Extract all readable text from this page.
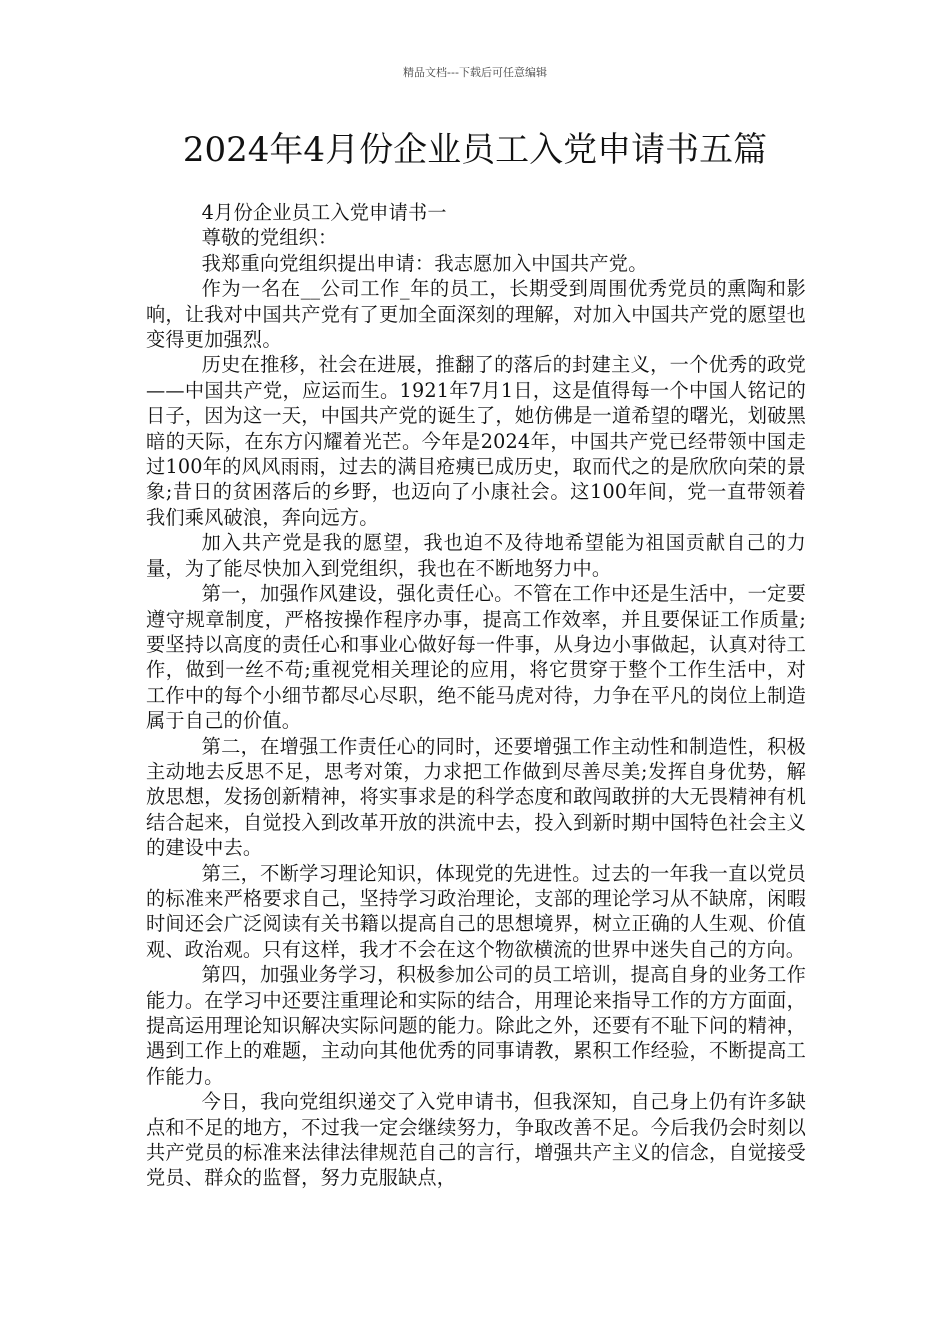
精品文档---下载后可任意编辑
2024年4月份企业员工入党申请书五篇

4月份企业员工入党申请书一

尊敬的党组织：

我郑重向党组织提出申请：我志愿加入中国共产党。

作为一名在__公司工作_年的员工，长期受到周围优秀党员的熏陶和影响，让我对中国共产党有了更加全面深刻的理解，对加入中国共产党的愿望也变得更加强烈。

历史在推移，社会在进展，推翻了的落后的封建主义，一个优秀的政党——中国共产党，应运而生。1921年7月1日，这是值得每一个中国人铭记的日子，因为这一天，中国共产党的诞生了，她仿佛是一道希望的曙光，划破黑暗的天际，在东方闪耀着光芒。今年是2024年，中国共产党已经带领中国走过100年的风风雨雨，过去的满目疮痍已成历史，取而代之的是欣欣向荣的景象;昔日的贫困落后的乡野，也迈向了小康社会。这100年间，党一直带领着我们乘风破浪，奔向远方。

加入共产党是我的愿望，我也迫不及待地希望能为祖国贡献自己的力量，为了能尽快加入到党组织，我也在不断地努力中。

第一，加强作风建设，强化责任心。不管在工作中还是生活中，一定要遵守规章制度，严格按操作程序办事，提高工作效率，并且要保证工作质量;要坚持以高度的责任心和事业心做好每一件事，从身边小事做起，认真对待工作，做到一丝不苟;重视党相关理论的应用，将它贯穿于整个工作生活中，对工作中的每个小细节都尽心尽职，绝不能马虎对待，力争在平凡的岗位上制造属于自己的价值。

第二，在增强工作责任心的同时，还要增强工作主动性和制造性，积极主动地去反思不足，思考对策，力求把工作做到尽善尽美;发挥自身优势，解放思想，发扬创新精神，将实事求是的科学态度和敢闯敢拼的大无畏精神有机结合起来，自觉投入到改革开放的洪流中去，投入到新时期中国特色社会主义的建设中去。

第三，不断学习理论知识，体现党的先进性。过去的一年我一直以党员的标准来严格要求自己，坚持学习政治理论，支部的理论学习从不缺席，闲暇时间还会广泛阅读有关书籍以提高自己的思想境界，树立正确的人生观、价值观、政治观。只有这样，我才不会在这个物欲横流的世界中迷失自己的方向。

第四，加强业务学习，积极参加公司的员工培训，提高自身的业务工作能力。在学习中还要注重理论和实际的结合，用理论来指导工作的方方面面，提高运用理论知识解决实际问题的能力。除此之外，还要有不耻下问的精神，遇到工作上的难题，主动向其他优秀的同事请教，累积工作经验，不断提高工作能力。

今日，我向党组织递交了入党申请书，但我深知，自己身上仍有许多缺点和不足的地方，不过我一定会继续努力，争取改善不足。今后我仍会时刻以共产党员的标准来法律法律规范自己的言行，增强共产主义的信念，自觉接受党员、群众的监督，努力克服缺点，
